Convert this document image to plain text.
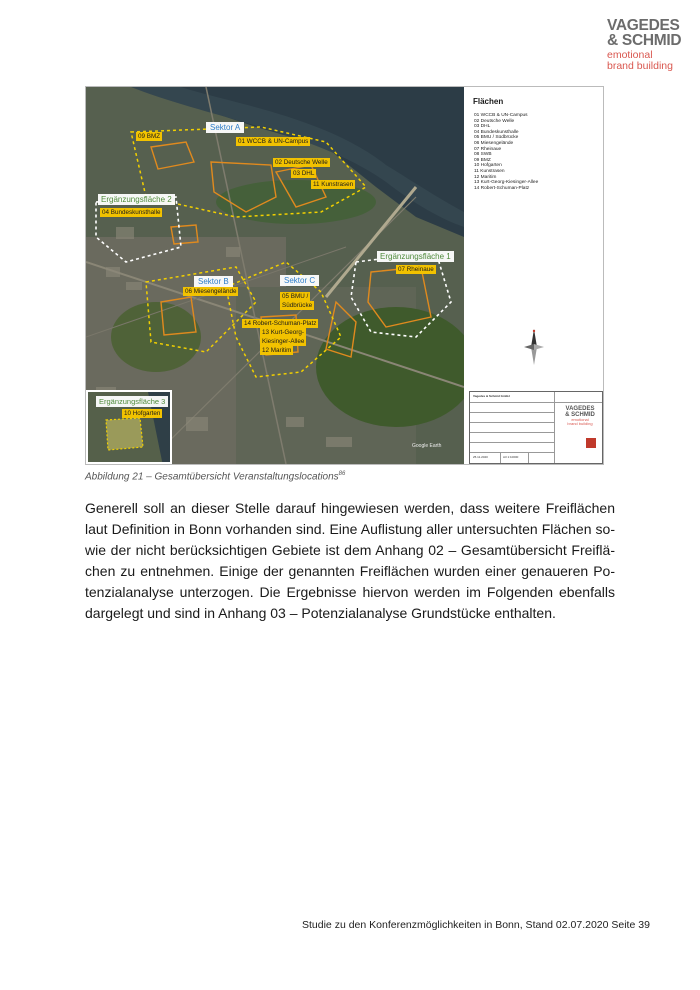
VAGEDES
& SCHMID
emotional
brand building
Sektor A
Sektor B	Sektor C
Ergänzungsfläche 2
Ergänzungsfläche 1
09 BMZ
01 WCCB & UN-Campus
02 Deutsche Welle
03 DHL
11 Kunstrasen
04 Bundeskunsthalle
07 Rheinaue
06 Miesengelände
05 BMU /
Südbrücke
14 Robert-Schuman-Platz
13 Kurt-Georg-
Kiesinger-Allee
12 Maritim
Google Earth
Ergänzungsfläche 3
10 Hofgarten
Flächen
01 WCCB & UN-Campus
02 Deutsche Welle
03 DHL
04 Bundeskunsthalle
05 BMU / Südbrücke
06 Miesengelände
07 Rheinaue
08 SWB
09 BMZ
10 Hofgarten
11 Kunstrasen
12 Maritim
13 Kurt-Georg-Kiesinger-Allee
14 Robert-Schuman-Platz
Vagedes & Schmid GmbH
25.11.2020	A3 1:10000
VAGEDES
& SCHMID
emotional
brand building
Abbildung 21 – Gesamtübersicht Veranstaltungslocations$^{86}$
Generell soll an dieser Stelle darauf hingewiesen werden, dass weitere Freiflächen laut Definition in Bonn vorhanden sind. Eine Auflistung aller untersuchten Flächen sowie der nicht berücksichtigen Gebiete ist dem Anhang 02 – Gesamtübersicht Freiflächen zu entnehmen. Einige der genannten Freiflächen wurden einer genaueren Potenzialanalyse unterzogen. Die Ergebnisse hiervon werden im Folgenden ebenfalls dargelegt und sind in Anhang 03 – Potenzialanalyse Grundstücke enthalten.
Studie zu den Konferenzmöglichkeiten in Bonn, Stand 02.07.2020 Seite 39
